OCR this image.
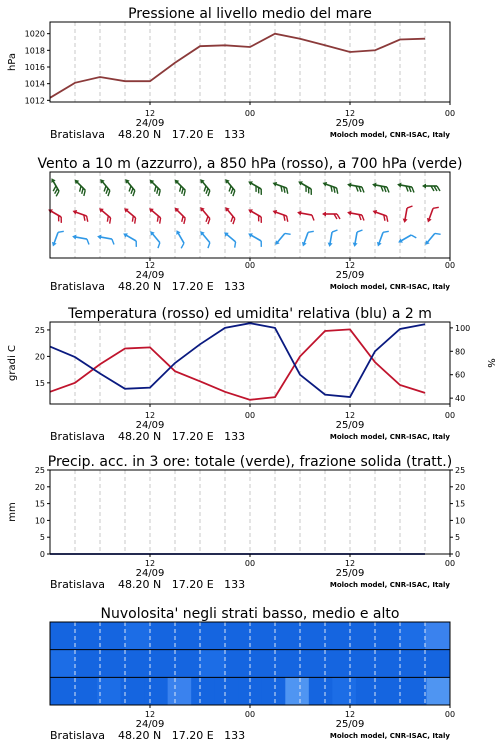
Pressione al livello medio del mare
1012
1014
1016
1018
1020
hPa
12	00	12	00
24/09	25/09
Bratislava 48.20 N   17.20 E   133	Moloch model, CNR-ISAC, Italy
Vento a 10 m (azzurro), a 850 hPa (rosso), a 700 hPa (verde)
12	00	12	00
24/09	25/09
Bratislava 48.20 N   17.20 E   133	Moloch model, CNR-ISAC, Italy
Temperatura (rosso) ed umidita' relativa (blu) a 2 m
15
20
25
40
60
80
100
gradi C	%
12	00	12	00
24/09	25/09
Bratislava 48.20 N   17.20 E   133	Moloch model, CNR-ISAC, Italy
Precip. acc. in 3 ore: totale (verde), frazione solida (tratt.)
0
5
10
15
20
25
0
5
10
15
20
25
mm
12	00	12	00
24/09	25/09
Bratislava 48.20 N   17.20 E   133	Moloch model, CNR-ISAC, Italy
Nuvolosita' negli strati basso, medio e alto
12	00	12	00
24/09	25/09
Bratislava 48.20 N   17.20 E   133	Moloch model, CNR-ISAC, Italy
